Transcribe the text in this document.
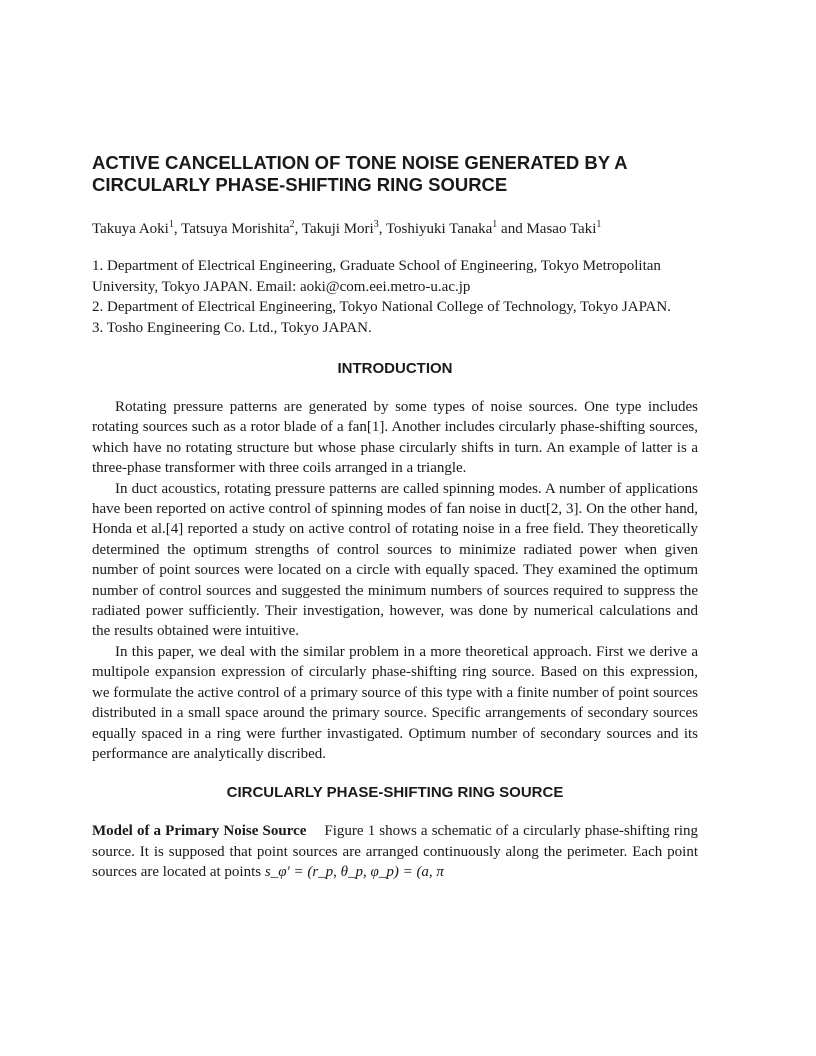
ACTIVE CANCELLATION OF TONE NOISE GENERATED BY A CIRCULARLY PHASE-SHIFTING RING SOURCE
Takuya Aoki$^1$, Tatsuya Morishita$^2$, Takuji Mori$^3$, Toshiyuki Tanaka$^1$ and Masao Taki$^1$
1. Department of Electrical Engineering, Graduate School of Engineering, Tokyo Metropolitan University, Tokyo JAPAN. Email: aoki@com.eei.metro-u.ac.jp
2. Department of Electrical Engineering, Tokyo National College of Technology, Tokyo JAPAN.
3. Tosho Engineering Co. Ltd., Tokyo JAPAN.
INTRODUCTION

Rotating pressure patterns are generated by some types of noise sources. One type includes rotating sources such as a rotor blade of a fan[1]. Another includes circularly phase-shifting sources, which have no rotating structure but whose phase circularly shifts in turn. An example of latter is a three-phase transformer with three coils arranged in a triangle.

In duct acoustics, rotating pressure patterns are called spinning modes. A number of applications have been reported on active control of spinning modes of fan noise in duct[2, 3]. On the other hand, Honda et al.[4] reported a study on active control of rotating noise in a free field. They theoretically determined the optimum strengths of control sources to minimize radiated power when given number of point sources were located on a circle with equally spaced. They examined the optimum number of control sources and suggested the minimum numbers of sources required to suppress the radiated power sufficiently. Their investigation, however, was done by numerical calculations and the results obtained were intuitive.

In this paper, we deal with the similar problem in a more theoretical approach. First we derive a multipole expansion expression of circularly phase-shifting ring source. Based on this expression, we formulate the active control of a primary source of this type with a finite number of point sources distributed in a small space around the primary source. Specific arrangements of secondary sources equally spaced in a ring were further invastigated. Optimum number of secondary sources and its performance are analytically discribed.

CIRCULARLY PHASE-SHIFTING RING SOURCE

Model of a Primary Noise Source Figure 1 shows a schematic of a circularly phase-shifting ring source. It is supposed that point sources are arranged continuously along the perimeter. Each point sources are located at points s_φ' = (r_p, θ_p, φ_p) = (a, π
